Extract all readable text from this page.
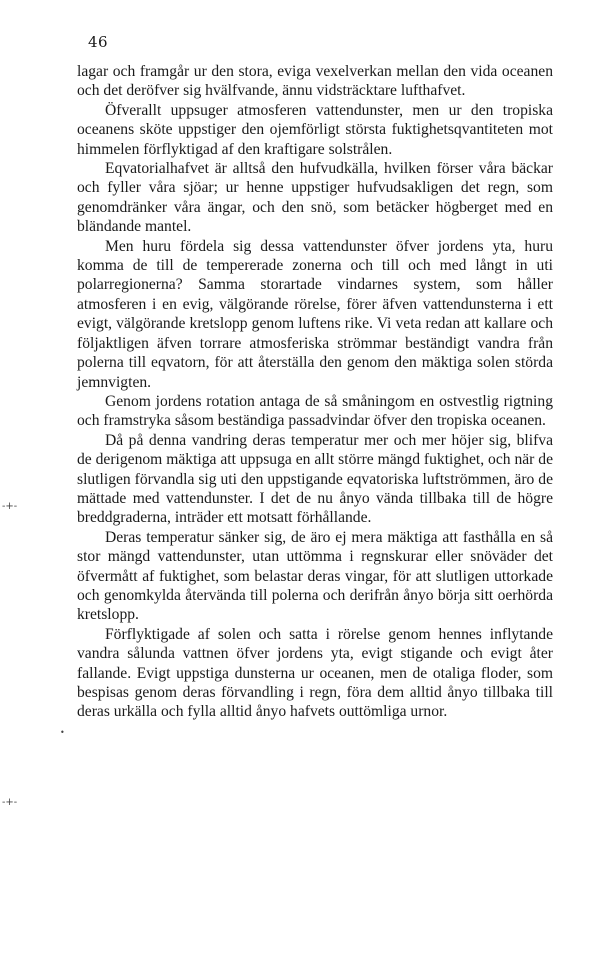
46

lagar och framgår ur den stora, eviga vexelverkan mellan den vida oceanen och det deröfver sig hvälfvande, ännu vidsträcktare lufthafvet.

Öfverallt uppsuger atmosferen vattendunster, men ur den tropiska oceanens sköte uppstiger den ojemförligt största fuktighetsqvantiteten mot himmelen förflyktigad af den kraftigare solstrålen.

Eqvatorialhafvet är alltså den hufvudkälla, hvilken förser våra bäckar och fyller våra sjöar; ur henne uppstiger hufvudsakligen det regn, som genomdränker våra ängar, och den snö, som betäcker högberget med en bländande mantel.

Men huru fördela sig dessa vattendunster öfver jordens yta, huru komma de till de tempererade zonerna och till och med långt in uti polarregionerna? Samma storartade vindarnes system, som håller atmosferen i en evig, välgörande rörelse, förer äfven vattendunsterna i ett evigt, välgörande kretslopp genom luftens rike. Vi veta redan att kallare och följaktligen äfven torrare atmosferiska strömmar beständigt vandra från polerna till eqvatorn, för att återställa den genom den mäktiga solen störda jemnvigten.

Genom jordens rotation antaga de så småningom en ostvestlig rigtning och framstryka såsom beständiga passadvindar öfver den tropiska oceanen.

Då på denna vandring deras temperatur mer och mer höjer sig, blifva de derigenom mäktiga att uppsuga en allt större mängd fuktighet, och när de slutligen förvandla sig uti den uppstigande eqvatoriska luftströmmen, äro de mättade med vattendunster. I det de nu ånyo vända tillbaka till de högre breddgraderna, inträder ett motsatt förhållande.

Deras temperatur sänker sig, de äro ej mera mäktiga att fasthålla en så stor mängd vattendunster, utan uttömma i regnskurar eller snöväder det öfvermått af fuktighet, som belastar deras vingar, för att slutligen uttorkade och genomkylda återvända till polerna och derifrån ånyo börja sitt oerhörda kretslopp.

Förflyktigade af solen och satta i rörelse genom hennes inflytande vandra sålunda vattnen öfver jordens yta, evigt stigande och evigt åter fallande. Evigt uppstiga dunsterna ur oceanen, men de otaliga floder, som bespisas genom deras förvandling i regn, föra dem alltid ånyo tillbaka till deras urkälla och fylla alltid ånyo hafvets outtömliga urnor.

-+-
•
-+-
